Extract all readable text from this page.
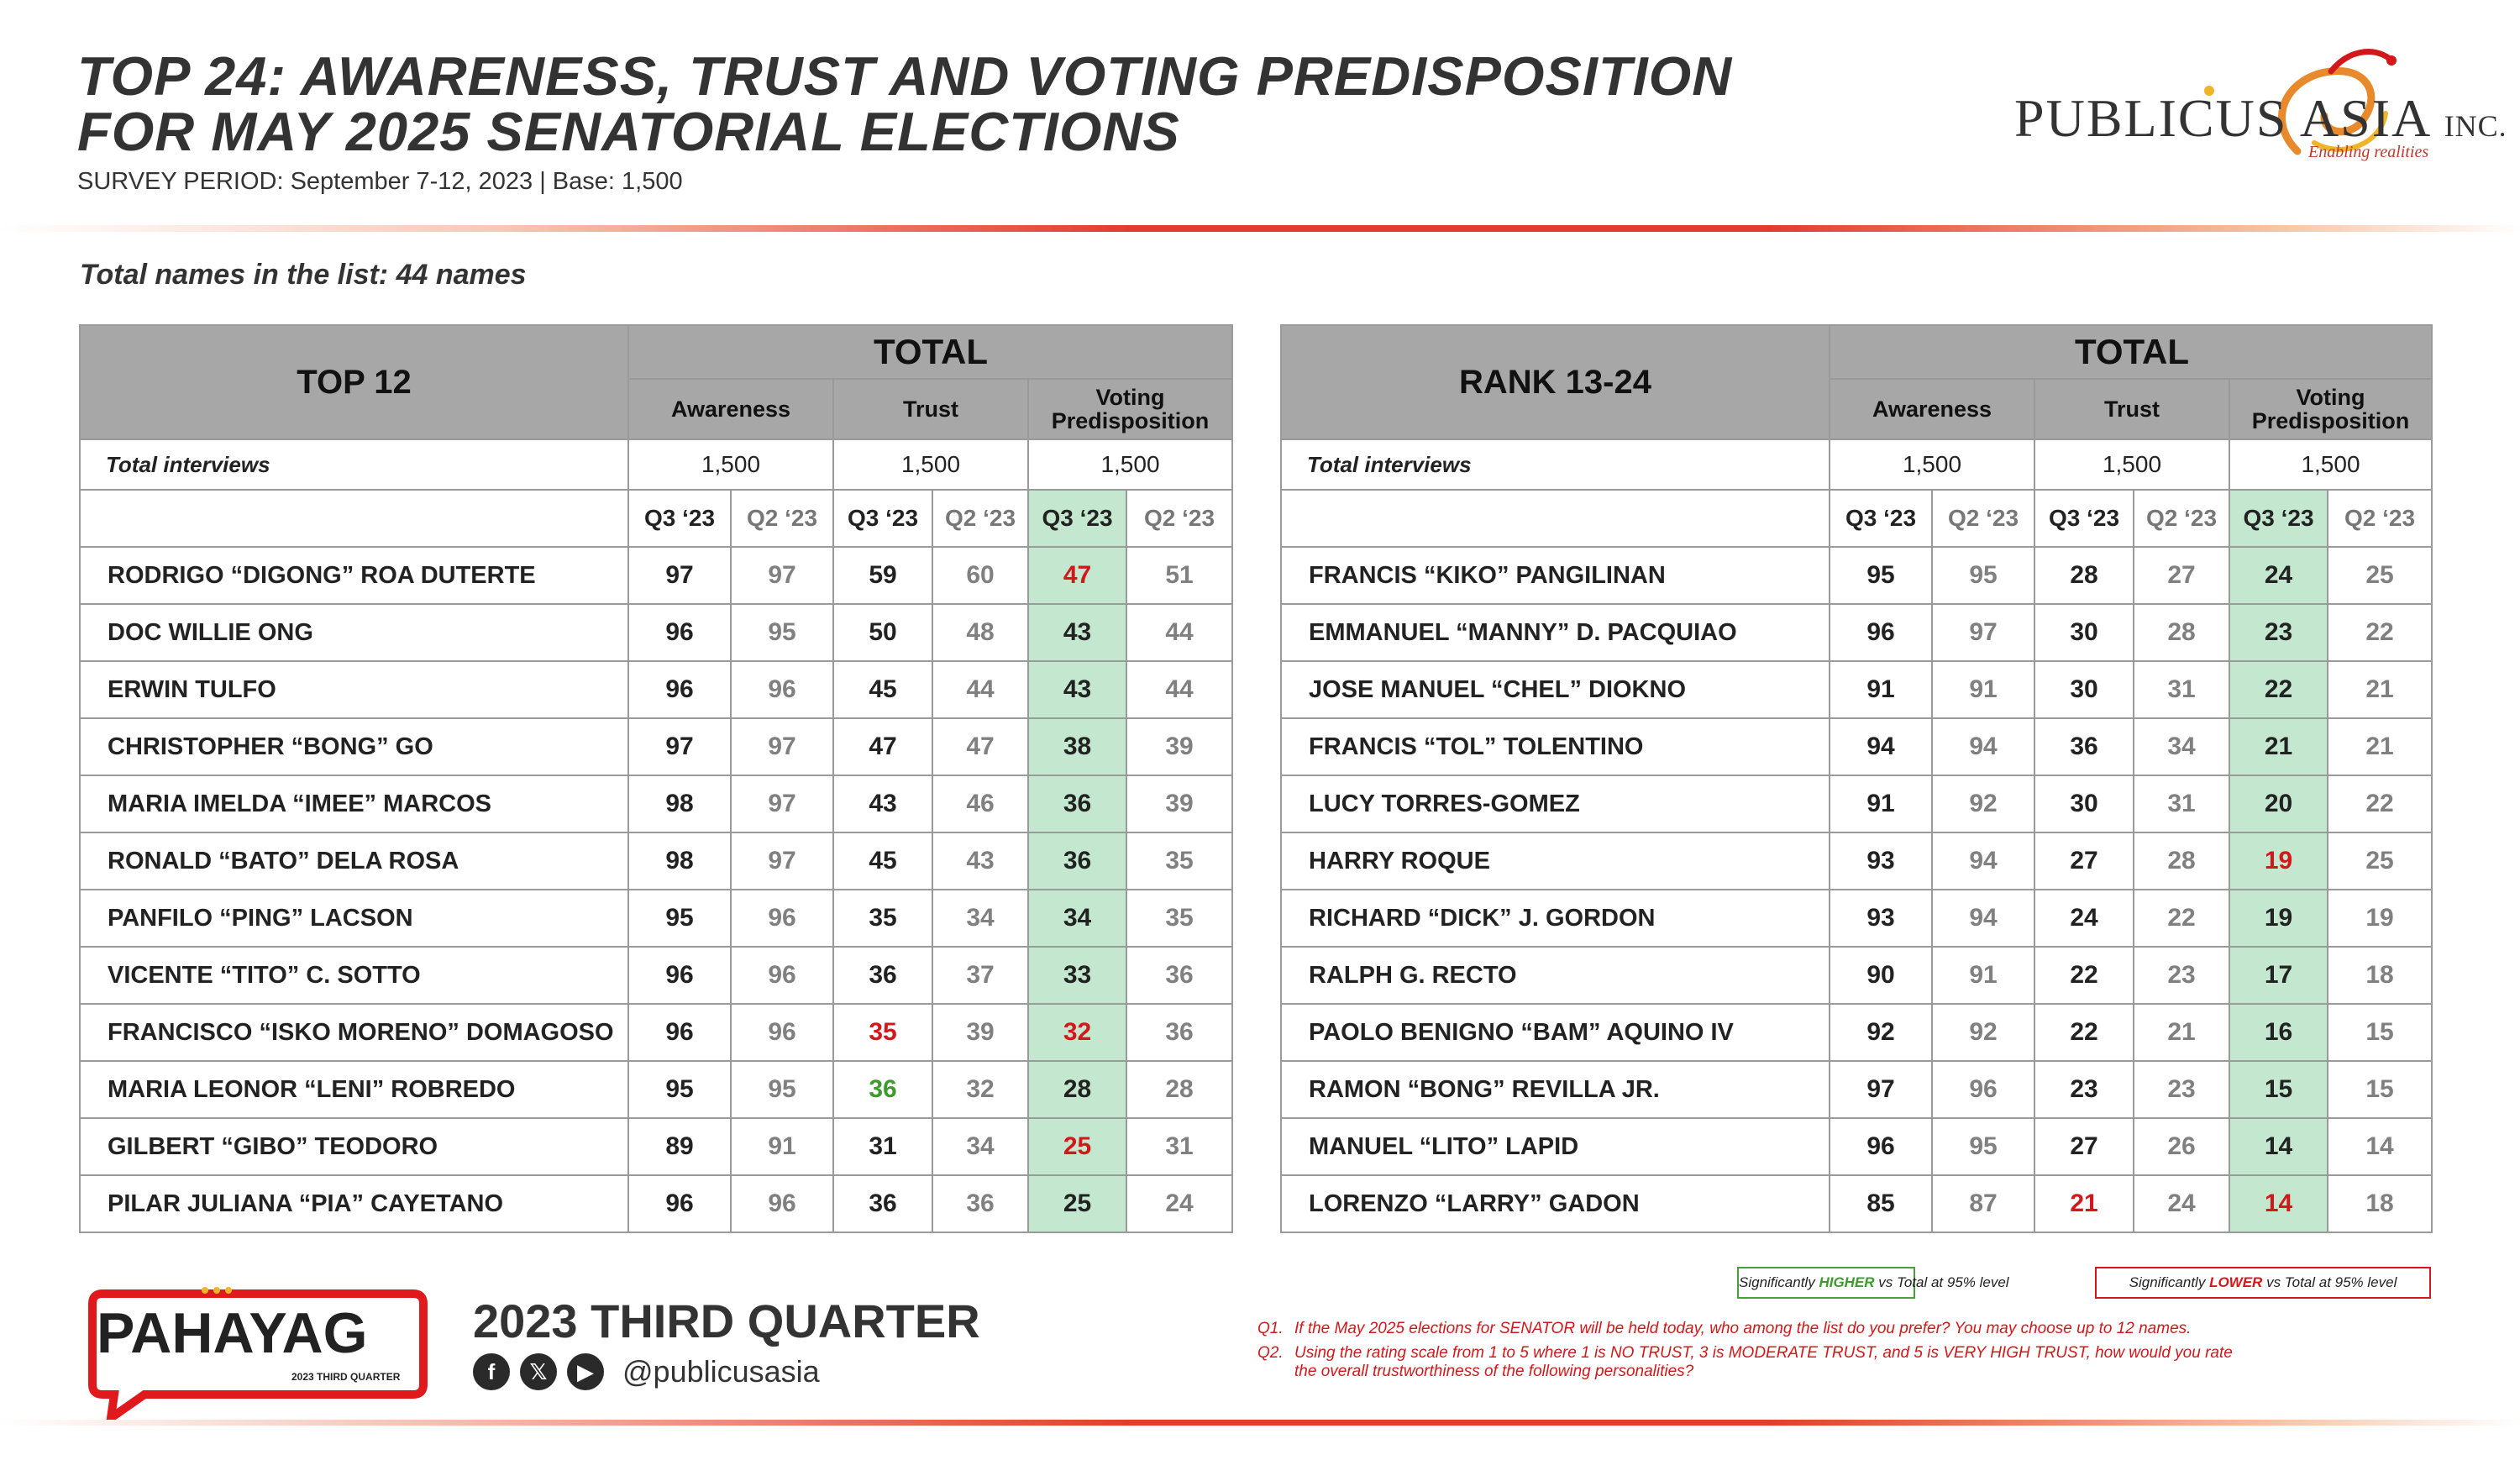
TOP 24: AWARENESS, TRUST AND VOTING PREDISPOSITION
FOR MAY 2025 SENATORIAL ELECTIONS
SURVEY PERIOD: September 7-12, 2023 | Base: 1,500
PUBLICUS ASIA INC.
Enabling realities
Total names in the list: 44 names
TOP 12			TOTAL			
	Awareness		Trust		Voting Predisposition	
Total interviews	1,500		1,500		1,500	
	Q3 ‘23	Q2 ‘23	Q3 ‘23	Q2 ‘23	Q3 ‘23	Q2 ‘23
RODRIGO “DIGONG” ROA DUTERTE	97	97	59	60	47	51
DOC WILLIE ONG	96	95	50	48	43	44
ERWIN TULFO	96	96	45	44	43	44
CHRISTOPHER “BONG” GO	97	97	47	47	38	39
MARIA IMELDA “IMEE” MARCOS	98	97	43	46	36	39
RONALD “BATO” DELA ROSA	98	97	45	43	36	35
PANFILO “PING” LACSON	95	96	35	34	34	35
VICENTE “TITO” C. SOTTO	96	96	36	37	33	36
FRANCISCO “ISKO MORENO” DOMAGOSO	96	96	35	39	32	36
MARIA LEONOR “LENI” ROBREDO	95	95	36	32	28	28
GILBERT “GIBO” TEODORO	89	91	31	34	25	31
PILAR JULIANA “PIA” CAYETANO	96	96	36	36	25	24
RANK 13-24			TOTAL			
	Awareness		Trust		Voting Predisposition	
Total interviews	1,500		1,500		1,500	
	Q3 ‘23	Q2 ‘23	Q3 ‘23	Q2 ‘23	Q3 ‘23	Q2 ‘23
FRANCIS “KIKO” PANGILINAN	95	95	28	27	24	25
EMMANUEL “MANNY” D. PACQUIAO	96	97	30	28	23	22
JOSE MANUEL “CHEL” DIOKNO	91	91	30	31	22	21
FRANCIS “TOL” TOLENTINO	94	94	36	34	21	21
LUCY TORRES-GOMEZ	91	92	30	31	20	22
HARRY ROQUE	93	94	27	28	19	25
RICHARD “DICK” J. GORDON	93	94	24	22	19	19
RALPH G. RECTO	90	91	22	23	17	18
PAOLO BENIGNO “BAM” AQUINO IV	92	92	22	21	16	15
RAMON “BONG” REVILLA JR.	97	96	23	23	15	15
MANUEL “LITO” LAPID	96	95	27	26	14	14
LORENZO “LARRY” GADON	85	87	21	24	14	18
Significantly HIGHER vs Total at 95% level	Significantly LOWER vs Total at 95% level
PAHAYAG
2023 THIRD QUARTER
2023 THIRD QUARTER
f	𝕏	▶ @publicusasia
Q1. If the May 2025 elections for SENATOR will be held today, who among the list do you prefer? You may choose up to 12 names.
Q2. Using the rating scale from 1 to 5 where 1 is NO TRUST, 3 is MODERATE TRUST, and 5 is VERY HIGH TRUST, how would you rate
the overall trustworthiness of the following personalities?
